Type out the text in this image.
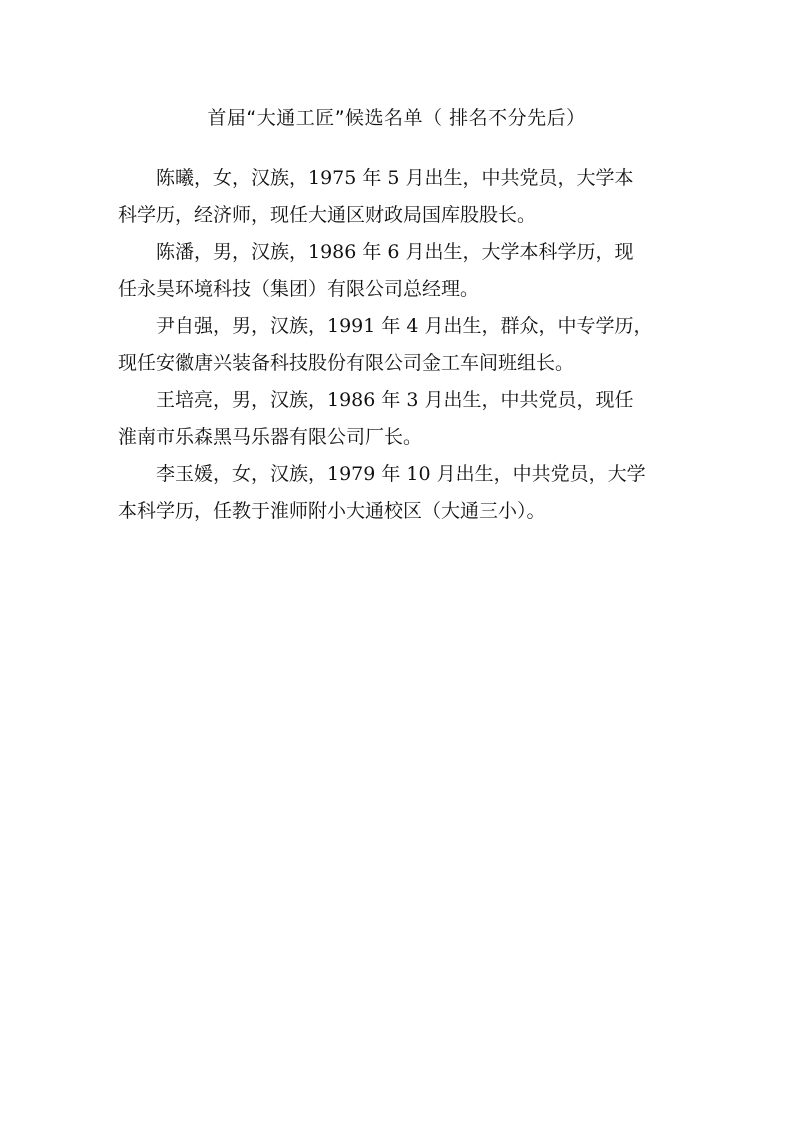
首届“大通工匠”候选名单（ 排名不分先后）

陈曦，女，汉族，1975 年 5 月出生，中共党员，大学本
科学历，经济师，现任大通区财政局国库股股长。

陈潘，男，汉族，1986 年 6 月出生，大学本科学历，现
任永昊环境科技（集团）有限公司总经理。

尹自强，男，汉族，1991 年 4 月出生，群众，中专学历，
现任安徽唐兴装备科技股份有限公司金工车间班组长。

王培亮，男，汉族，1986 年 3 月出生，中共党员，现任
淮南市乐森黑马乐器有限公司厂长。

李玉媛，女，汉族，1979 年 10 月出生，中共党员，大学
本科学历，任教于淮师附小大通校区（大通三小）。
